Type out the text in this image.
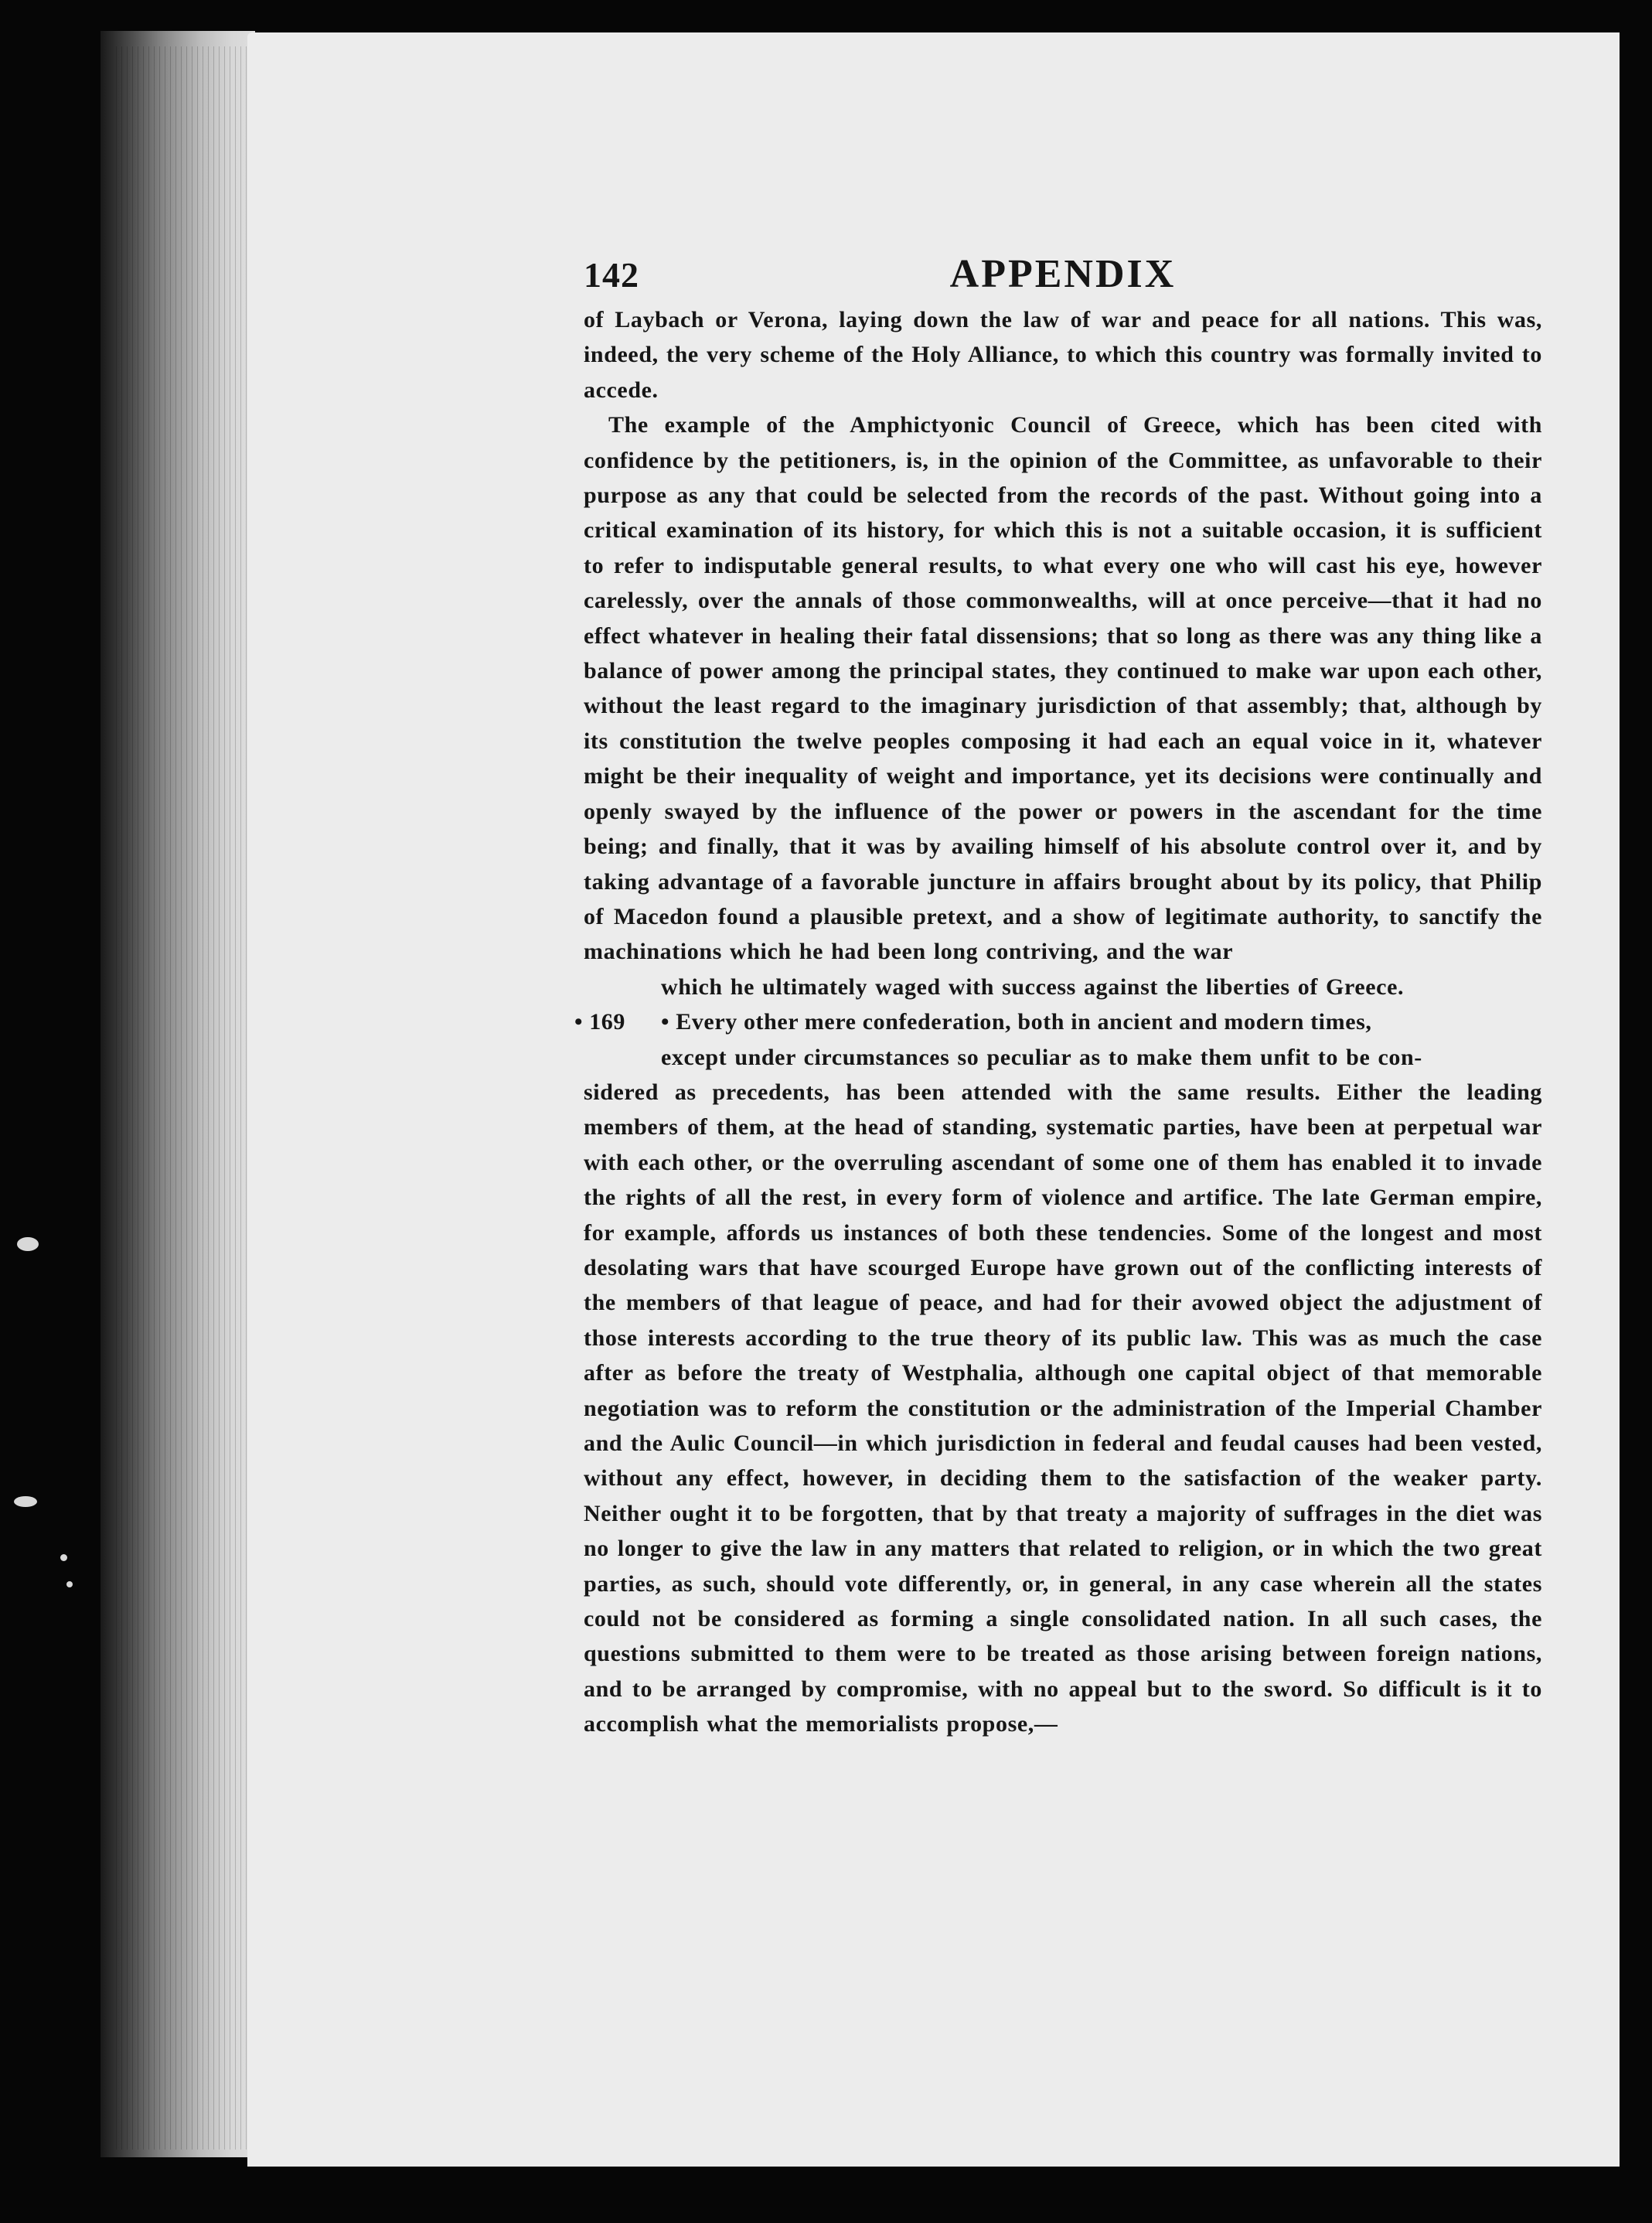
142	APPENDIX

of Laybach or Verona, laying down the law of war and peace for all nations. This was, indeed, the very scheme of the Holy Alliance, to which this country was formally invited to accede.

The example of the Amphictyonic Council of Greece, which has been cited with confidence by the petitioners, is, in the opinion of the Committee, as unfavorable to their purpose as any that could be selected from the records of the past. Without going into a critical examination of its history, for which this is not a suitable occasion, it is sufficient to refer to indisputable general results, to what every one who will cast his eye, however carelessly, over the annals of those commonwealths, will at once perceive—that it had no effect whatever in healing their fatal dissensions; that so long as there was any thing like a balance of power among the principal states, they continued to make war upon each other, without the least regard to the imaginary jurisdiction of that assembly; that, although by its constitution the twelve peoples composing it had each an equal voice in it, whatever might be their inequality of weight and importance, yet its decisions were continually and openly swayed by the influence of the power or powers in the ascendant for the time being; and finally, that it was by availing himself of his absolute control over it, and by taking advantage of a favorable juncture in affairs brought about by its policy, that Philip of Macedon found a plausible pretext, and a show of legitimate authority, to sanctify the machinations which he had been long contriving, and the war

which he ultimately waged with success against the liberties of Greece.

• 169 • Every other mere confederation, both in ancient and modern times,

except under circumstances so peculiar as to make them unfit to be con-

sidered as precedents, has been attended with the same results. Either the leading members of them, at the head of standing, systematic parties, have been at perpetual war with each other, or the overruling ascendant of some one of them has enabled it to invade the rights of all the rest, in every form of violence and artifice. The late German empire, for example, affords us instances of both these tendencies. Some of the longest and most desolating wars that have scourged Europe have grown out of the conflicting interests of the members of that league of peace, and had for their avowed object the adjustment of those interests according to the true theory of its public law. This was as much the case after as before the treaty of Westphalia, although one capital object of that memorable negotiation was to reform the constitution or the administration of the Imperial Chamber and the Aulic Council—in which jurisdiction in federal and feudal causes had been vested, without any effect, however, in deciding them to the satisfaction of the weaker party. Neither ought it to be forgotten, that by that treaty a majority of suffrages in the diet was no longer to give the law in any matters that related to religion, or in which the two great parties, as such, should vote differently, or, in general, in any case wherein all the states could not be considered as forming a single consolidated nation. In all such cases, the questions submitted to them were to be treated as those arising between foreign nations, and to be arranged by compromise, with no appeal but to the sword. So difficult is it to accomplish what the memorialists propose,—
